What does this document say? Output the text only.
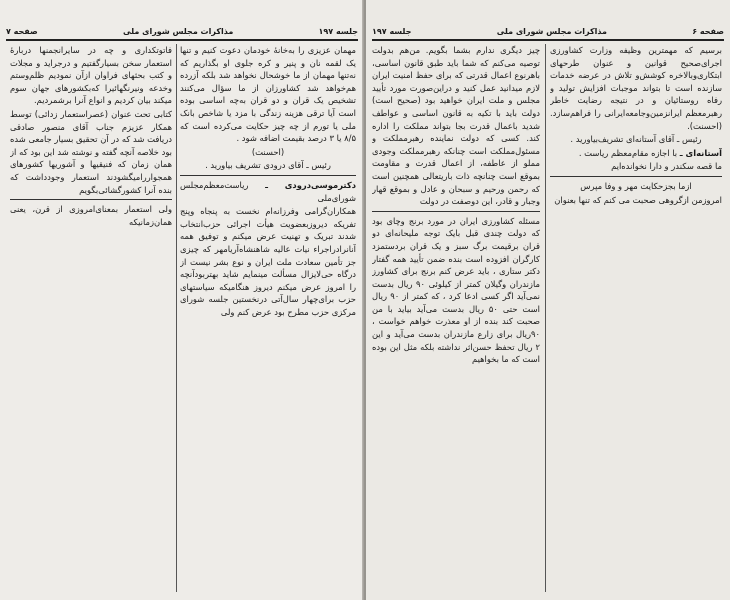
جلسه ۱۹۷
مذاکرات مجلس شورای ملی
صفحه ۷

مهمان عزیزی را به‌خانهٔ خودمان دعوت کنیم و تنها یک لقمه نان و پنیر و کره جلوی او بگذاریم که نه‌تنها مهمان از ما خوشحال نخواهد شد بلکه آزرده هم‌خواهد شد کشاورزان از ما سؤال می‌کنند تشخیص یک قران و دو قران به‌چه اساسی بوده است آیا ترقی هزینه زندگی با مزد یا شاخص بانک ملی یا تورم از چه چیز حکایت می‌کرده است که ۸/۵ یا ۳ درصد بقیمت اضافه شود .

(احسنت)

رئیس ـ آقای درودی تشریف بیاورید .

دکترموسی‌درودی ـ ریاست‌معظم‌مجلس شورای‌ملی

همکاران‌گرامی وفرزانه‌ام نخست به پنجاه وپنج تفریکه دیروزبعضویت هیأت اجرائی حزب‌انتخاب شدند تبریک و تهنیت عرض میکنم و توفیق همه آنانرادراجراء نیات عالیه شاهنشاه‌آریامهر که چیزی جز تأمین سعادت ملت ایران و نوع بشر نیست از درگاه حی‌لایزال مسألت مینمایم شاید بهتربودآنچه را امروز عرض میکنم دیروز هنگامیکه سیاستهای حزب برای‌چهار سال‌آتی درنخستین جلسه شورای مرکزی حزب مطرح بود عرض کنم ولی

فاتوتکداری و چه در سایرانجمنها دربارهٔ استعمار سخن بسیارگفتیم و درجراید و مجلات و کتب بحثهای فراوان ازآن نمودیم ظلم‌وستم وخدعه ونیرنگهائیرا که‌بکشورهای جهان سوم میکند بیان کردیم و انواع آنرا برشمردیم.

کتابی تحت عنوان (عصراستعمار زدائی) توسط همکار عزیزم جناب آقای منصور صادقی دریافت شد که در آن تحقیق بسیار جامعی شده بود خلاصه آنچه گفته و نوشته شد این بود که از همان زمان که فنیقیها و آشوریها کشورهای همجواررامیگشودند استعمار وجودداشت که بنده آنرا کشورگشائی‌بگویم

ولی استعمار بمعنای‌امروزی از قرن، یعنی همان‌زمانیکه

صفحه ۶
مذاکرات مجلس شورای ملی
جلسه ۱۹۷

برسیم که مهمترین وظیفه وزارت کشاورزی اجرای‌صحیح قوانین و عنوان طرحهای ابتکاری‌وبالاخره کوشش‌و تلاش در عرضه خدمات سازنده است تا بتواند موجبات افزایش تولید و رفاه روستائیان و در نتیجه رضایت خاطر رهبرمعظم ایرانزمین‌وجامعه‌ایرانی را فراهم‌سازد.(احسنت).

رئیس ـ آقای آستانه‌ای تشریف‌بیاورید .

آستانه‌ای ـ با اجازه مقام‌معظم ریاست .

ما قصه سکندر و دارا نخوانده‌ایم

ازما بجزحکایت مهر و وفا مپرس

امروزمن ازگروهی صحبت می کنم که تنها بعنوان

چیز دیگری ندارم بشما بگویم. من‌هم بدولت توصیه می‌کنم که شما باید طبق قانون اساسی، باهرنوع اعمال قدرتی که برای حفظ امنیت ایران لازم میدانید عمل کنید و دراین‌صورت مورد تأیید مجلس و ملت ایران خواهید بود (صحیح است) دولت باید با تکیه به قانون اساسی و عواطف شدید باعمال قدرت بجا بتواند مملکت را اداره کند. کسی که دولت نماینده رهبرمملکت و مسئول‌مملکت است چنانکه رهبرمملکت وجودی مملو از عاطفه، از اعمال قدرت و مقاومت بموقع است چنانچه ذات باریتعالی همچنین است که رحمن ورحیم و سبحان و عادل و بموقع قهار وجبار و قادر، این دوصفت در دولت

مسئله کشاورزی ایران در مورد برنج وچای بود که دولت چندی قبل بایک توجه ملیحانه‌ای دو قران برقیمت برگ سبز و یک قران بردستمزد کارگران افزوده است بنده ضمن تأیید همه گفتار دکتر ستاری ، باید عرض کنم برنج برای کشاورز مازندران وگیلان کمتر از کیلوئی ۹۰ ریال بدست نمی‌آید اگر کسی ادعا کرد ، که کمتر از ۹۰ ریال است حتی ۵۰ ریال بدست می‌آید بیاید با من صحبت کند بنده از او معذرت خواهم خواست ، ۹۰ریال برای زارع مازندران بدست می‌آید و این ۲ ریال تحفظ حسن‌اثر نداشته بلکه مثل این بوده است که ما بخواهیم
